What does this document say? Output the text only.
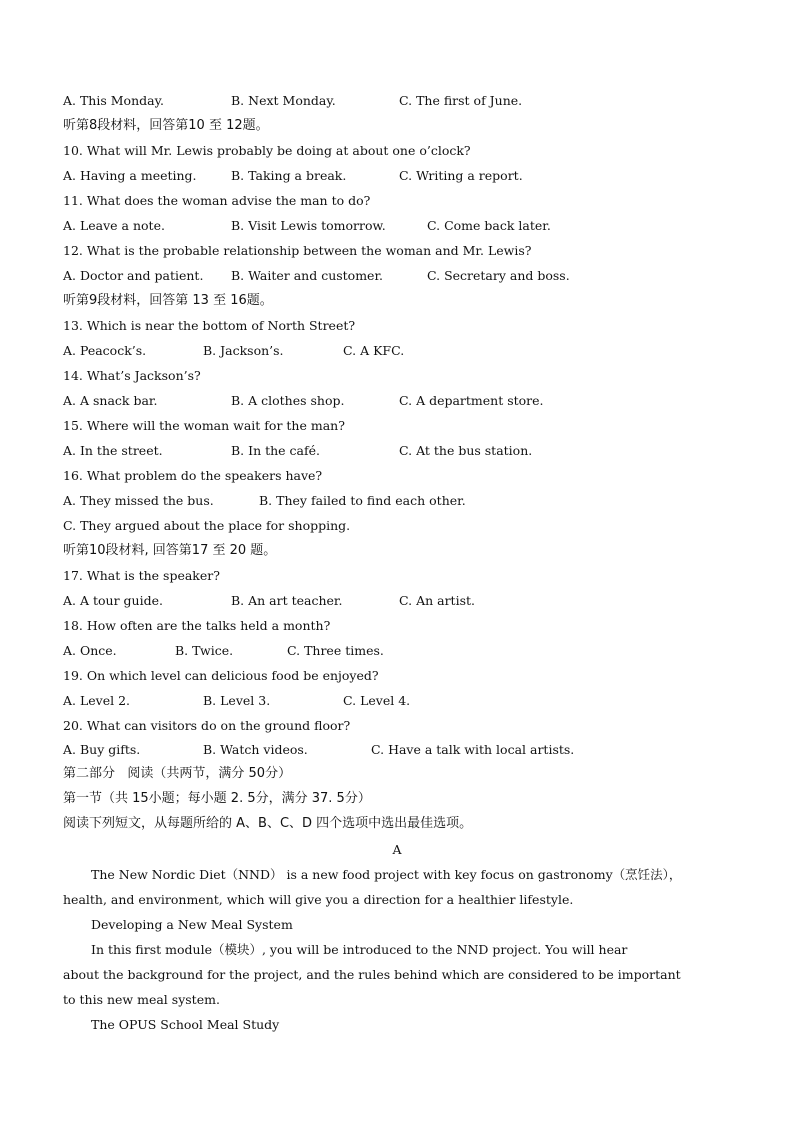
A. This Monday.	B. Next Monday.	C. The first of June.
听第8段材料，回答第10 至 12题。
10. What will Mr. Lewis probably be doing at about one o’clock?
A. Having a meeting.	B. Taking a break.	C. Writing a report.
11. What does the woman advise the man to do?
A. Leave a note.	B. Visit Lewis tomorrow.	C. Come back later.
12. What is the probable relationship between the woman and Mr. Lewis?
A. Doctor and patient. B. Waiter and customer.	C. Secretary and boss.
听第9段材料，回答第 13 至 16题。
13. Which is near the bottom of North Street?
A. Peacock’s.	B. Jackson’s.	C. A KFC.
14. What’s Jackson’s?
A. A snack bar.	B. A clothes shop.	C. A department store.
15. Where will the woman wait for the man?
A. In the street.	B. In the café.	C. At the bus station.
16. What problem do the speakers have?
A. They missed the bus.	B. They failed to find each other.
C. They argued about the place for shopping.
听第10段材料, 回答第17 至 20 题。
17. What is the speaker?
A. A tour guide.	B. An art teacher.	C. An artist.
18. How often are the talks held a month?
A. Once.	B. Twice.	C. Three times.
19. On which level can delicious food be enjoyed?
A. Level 2.	B. Level 3.	C. Level 4.
20. What can visitors do on the ground floor?
A. Buy gifts.	B. Watch videos.	C. Have a talk with local artists.
第二部分   阅读（共两节，满分 50分）
第一节（共 15小题；每小题 2. 5分，满分 37. 5分）
阅读下列短文，从每题所给的 A、B、C、D 四个选项中选出最佳选项。
A
The New Nordic Diet（NND） is a new food project with key focus on gastronomy（烹饪法），
health, and environment, which will give you a direction for a healthier lifestyle.
Developing a New Meal System
In this first module（模块）, you will be introduced to the NND project. You will hear
about the background for the project, and the rules behind which are considered to be important
to this new meal system.
The OPUS School Meal Study
